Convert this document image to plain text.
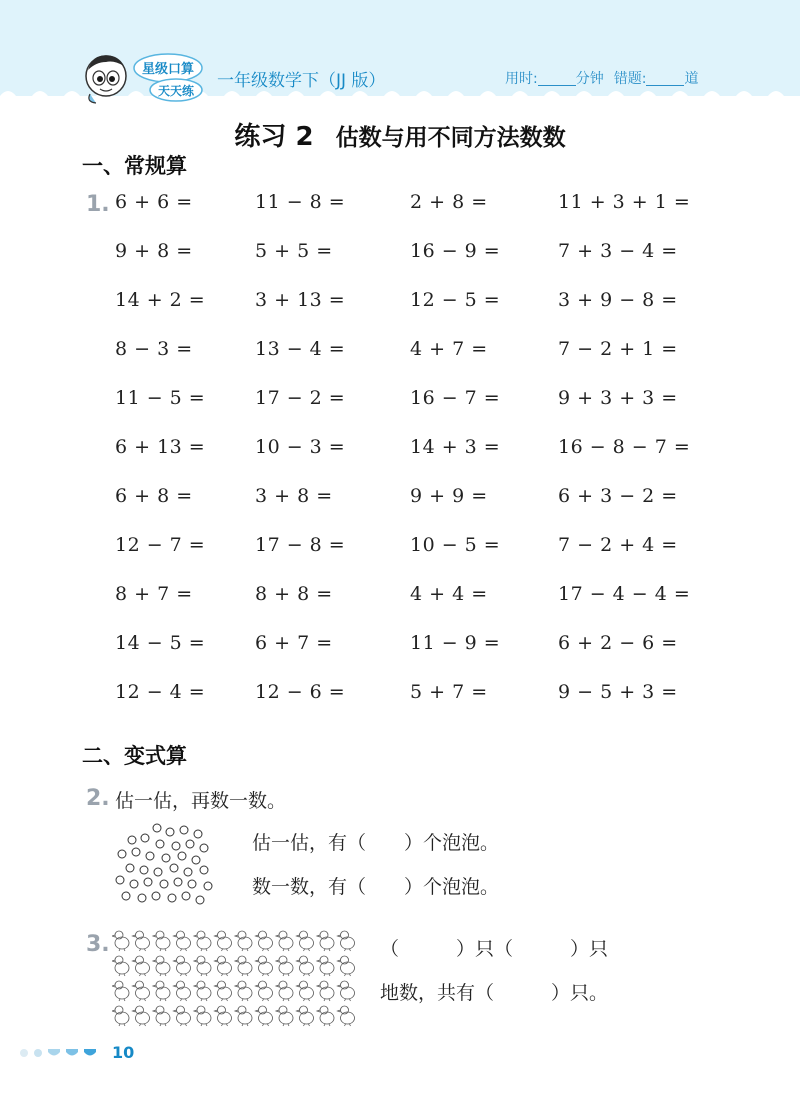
星级口算
天天练 一年级数学下（JJ 版）	用时:	分钟 错题:	道
练习 2 估数与用不同方法数数
一、常规算
1. 6 + 6 =	11 − 8 =	2 + 8 =	11 + 3 + 1 =
9 + 8 =	5 + 5 =	16 − 9 =	7 + 3 − 4 =
14 + 2 =	3 + 13 =	12 − 5 =	3 + 9 − 8 =
8 − 3 =	13 − 4 =	4 + 7 =	7 − 2 + 1 =
11 − 5 =	17 − 2 =	16 − 7 =	9 + 3 + 3 =
6 + 13 =	10 − 3 =	14 + 3 =	16 − 8 − 7 =
6 + 8 =	3 + 8 =	9 + 9 =	6 + 3 − 2 =
12 − 7 =	17 − 8 =	10 − 5 =	7 − 2 + 4 =
8 + 7 =	8 + 8 =	4 + 4 =	17 − 4 − 4 =
14 − 5 =	6 + 7 =	11 − 9 =	6 + 2 − 6 =
12 − 4 =	12 − 6 =	5 + 7 =	9 − 5 + 3 =
二、变式算
2. 估一估，再数一数。
估一估，有（　　）个泡泡。
数一数，有（　　）个泡泡。
3.	（　　　）只（　　　）只
地数，共有（　　　）只。
10
